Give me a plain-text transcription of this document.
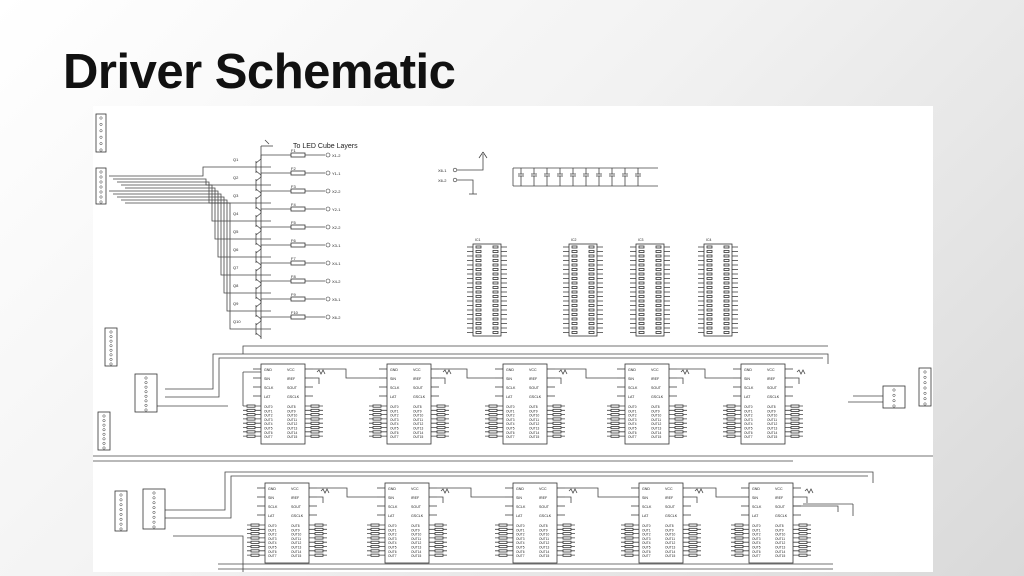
Driver Schematic
Q1
F1
X1-2
Q2
F2
Y1-1
Q3
F3
X2-2
Q4
F4
Y2-1
Q5
F5
X2-2
Q6
F6
X3-1
Q7
F7
X4-1
Q8
F8
X4-2
Q9
F9
X5-1
Q10
F10
X6-2
X6-1
X6-2
IC1	IC2	IC3	IC4
GND
SIN
SCLK
LAT
VCC
IREF
SOUT
GSCLK
OUT0	OUT8
OUT1	OUT9
OUT2	OUT10
OUT3	OUT11
OUT4	OUT12
OUT5	OUT13
OUT6	OUT14
OUT7	OUT15
GND
SIN
SCLK
LAT
VCC
IREF
SOUT
GSCLK
OUT0	OUT8
OUT1	OUT9
OUT2	OUT10
OUT3	OUT11
OUT4	OUT12
OUT5	OUT13
OUT6	OUT14
OUT7	OUT15
GND
SIN
SCLK
LAT
VCC
IREF
SOUT
GSCLK
OUT0	OUT8
OUT1	OUT9
OUT2	OUT10
OUT3	OUT11
OUT4	OUT12
OUT5	OUT13
OUT6	OUT14
OUT7	OUT15
GND
SIN
SCLK
LAT
VCC
IREF
SOUT
GSCLK
OUT0	OUT8
OUT1	OUT9
OUT2	OUT10
OUT3	OUT11
OUT4	OUT12
OUT5	OUT13
OUT6	OUT14
OUT7	OUT15
GND
SIN
SCLK
LAT
VCC
IREF
SOUT
GSCLK
OUT0	OUT8
OUT1	OUT9
OUT2	OUT10
OUT3	OUT11
OUT4	OUT12
OUT5	OUT13
OUT6	OUT14
OUT7	OUT15
GND
SIN
SCLK
LAT
VCC
IREF
SOUT
GSCLK
OUT0	OUT8
OUT1	OUT9
OUT2	OUT10
OUT3	OUT11
OUT4	OUT12
OUT5	OUT13
OUT6	OUT14
OUT7	OUT15
GND
SIN
SCLK
LAT
VCC
IREF
SOUT
GSCLK
OUT0	OUT8
OUT1	OUT9
OUT2	OUT10
OUT3	OUT11
OUT4	OUT12
OUT5	OUT13
OUT6	OUT14
OUT7	OUT15
GND
SIN
SCLK
LAT
VCC
IREF
SOUT
GSCLK
OUT0	OUT8
OUT1	OUT9
OUT2	OUT10
OUT3	OUT11
OUT4	OUT12
OUT5	OUT13
OUT6	OUT14
OUT7	OUT15
GND
SIN
SCLK
LAT
VCC
IREF
SOUT
GSCLK
OUT0	OUT8
OUT1	OUT9
OUT2	OUT10
OUT3	OUT11
OUT4	OUT12
OUT5	OUT13
OUT6	OUT14
OUT7	OUT15
GND
SIN
SCLK
LAT
VCC
IREF
SOUT
GSCLK
OUT0	OUT8
OUT1	OUT9
OUT2	OUT10
OUT3	OUT11
OUT4	OUT12
OUT5	OUT13
OUT6	OUT14
OUT7	OUT15
To LED Cube Layers
